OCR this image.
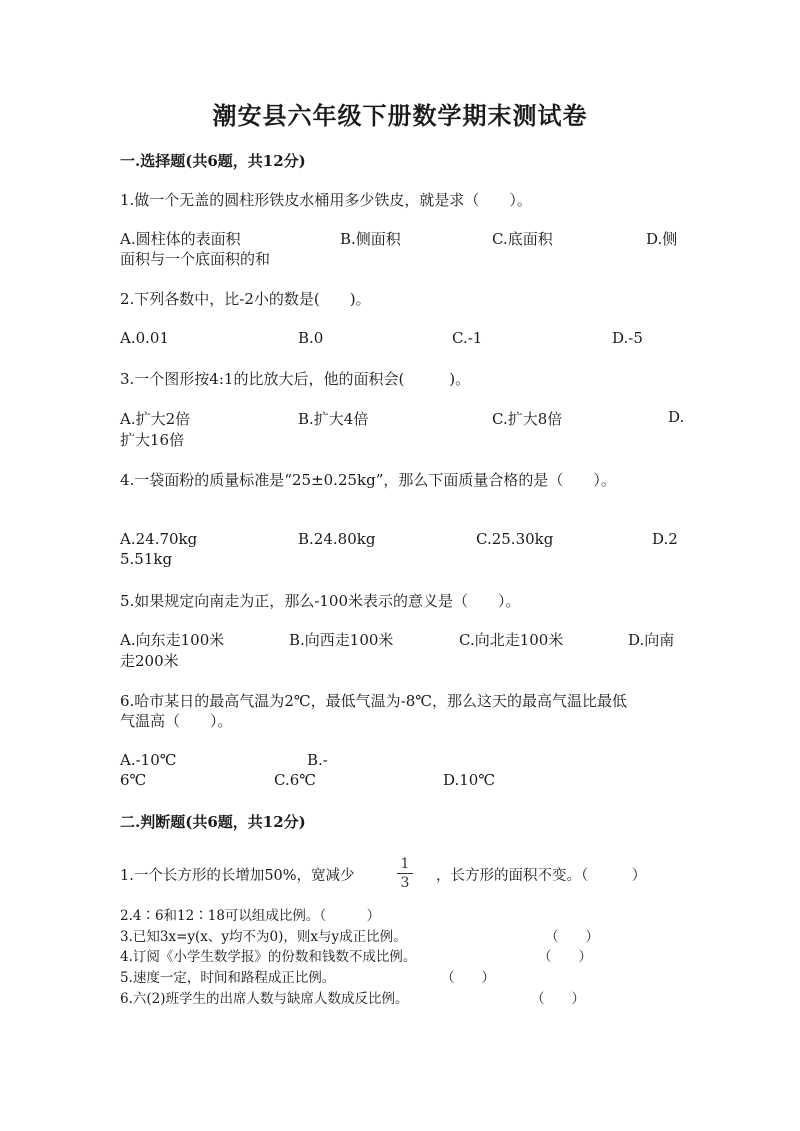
潮安县六年级下册数学期末测试卷
一.选择题(共6题，共12分)
1.做一个无盖的圆柱形铁皮水桶用多少铁皮，就是求（　　）。
A.圆柱体的表面积	B.侧面积	C.底面积	D.侧
面积与一个底面积的和
2.下列各数中，比-2小的数是(　　)。
A.0.01	B.0	C.-1	D.-5
3.一个图形按4:1的比放大后，他的面积会(　　　)。
A.扩大2倍	B.扩大4倍	C.扩大8倍	D.
扩大16倍
4.一袋面粉的质量标准是“25±0.25kg”，那么下面质量合格的是（　　）。
A.24.70kg	B.24.80kg	C.25.30kg	D.2
5.51kg
5.如果规定向南走为正，那么-100米表示的意义是（　　）。
A.向东走100米	B.向西走100米	C.向北走100米	D.向南
走200米
6.哈市某日的最高气温为2℃，最低气温为-8℃，那么这天的最高气温比最低
气温高（　　）。
A.-10℃	B.-
6℃	C.6℃	D.10℃
二.判断题(共6题，共12分)
1.一个长方形的长增加50%，宽减少
1
3	，长方形的面积不变。（　　　）
2.4∶6和12∶18可以组成比例。（　　　）
3.已知3x=y(x、y均不为0)，则x与y成正比例。	（　　）
4.订阅《小学生数学报》的份数和钱数不成比例。	（　　）
5.速度一定，时间和路程成正比例。	（　　）
6.六(2)班学生的出席人数与缺席人数成反比例。	（　　）
